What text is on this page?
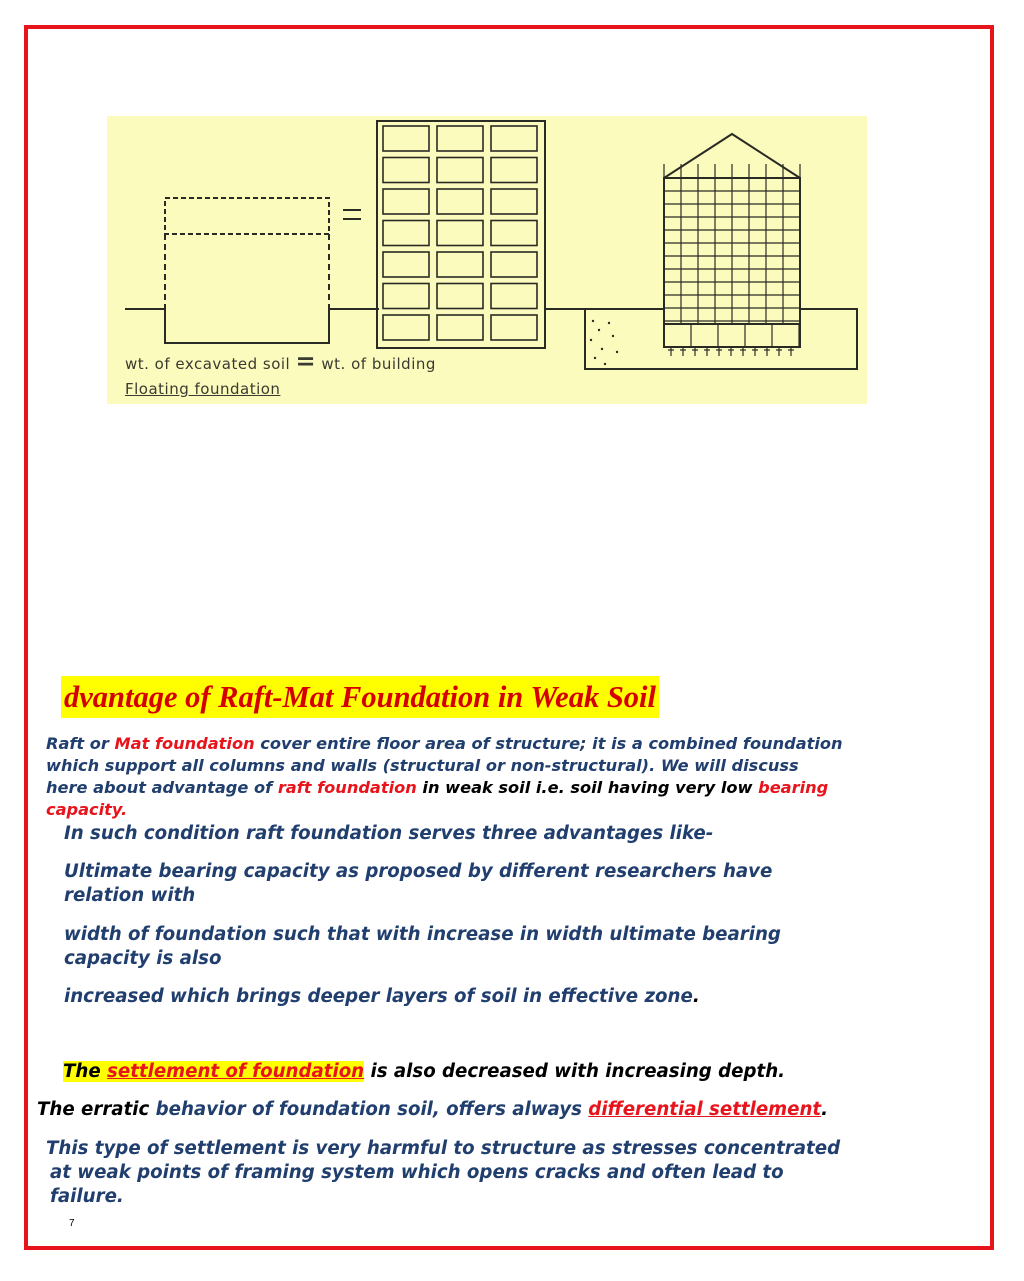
wt. of excavated soil = wt. of building
Floating foundation
dvantage of Raft-Mat Foundation in Weak Soil
Raft or Mat foundation cover entire floor area of structure; it is a combined foundation
which support all columns and walls (structural or non-structural). We will discuss
here about advantage of raft foundation in weak soil i.e. soil having very low bearing
capacity.
In such condition raft foundation serves three advantages like-
Ultimate bearing capacity as proposed by different researchers have
relation with
width of foundation such that with increase in width ultimate bearing
capacity is also
increased which brings deeper layers of soil in effective zone.
The settlement of foundation is also decreased with increasing depth.
The erratic behavior of foundation soil, offers always differential settlement.
This type of settlement is very harmful to structure as stresses concentrated
at weak points of framing system which opens cracks and often lead to
failure.
7
